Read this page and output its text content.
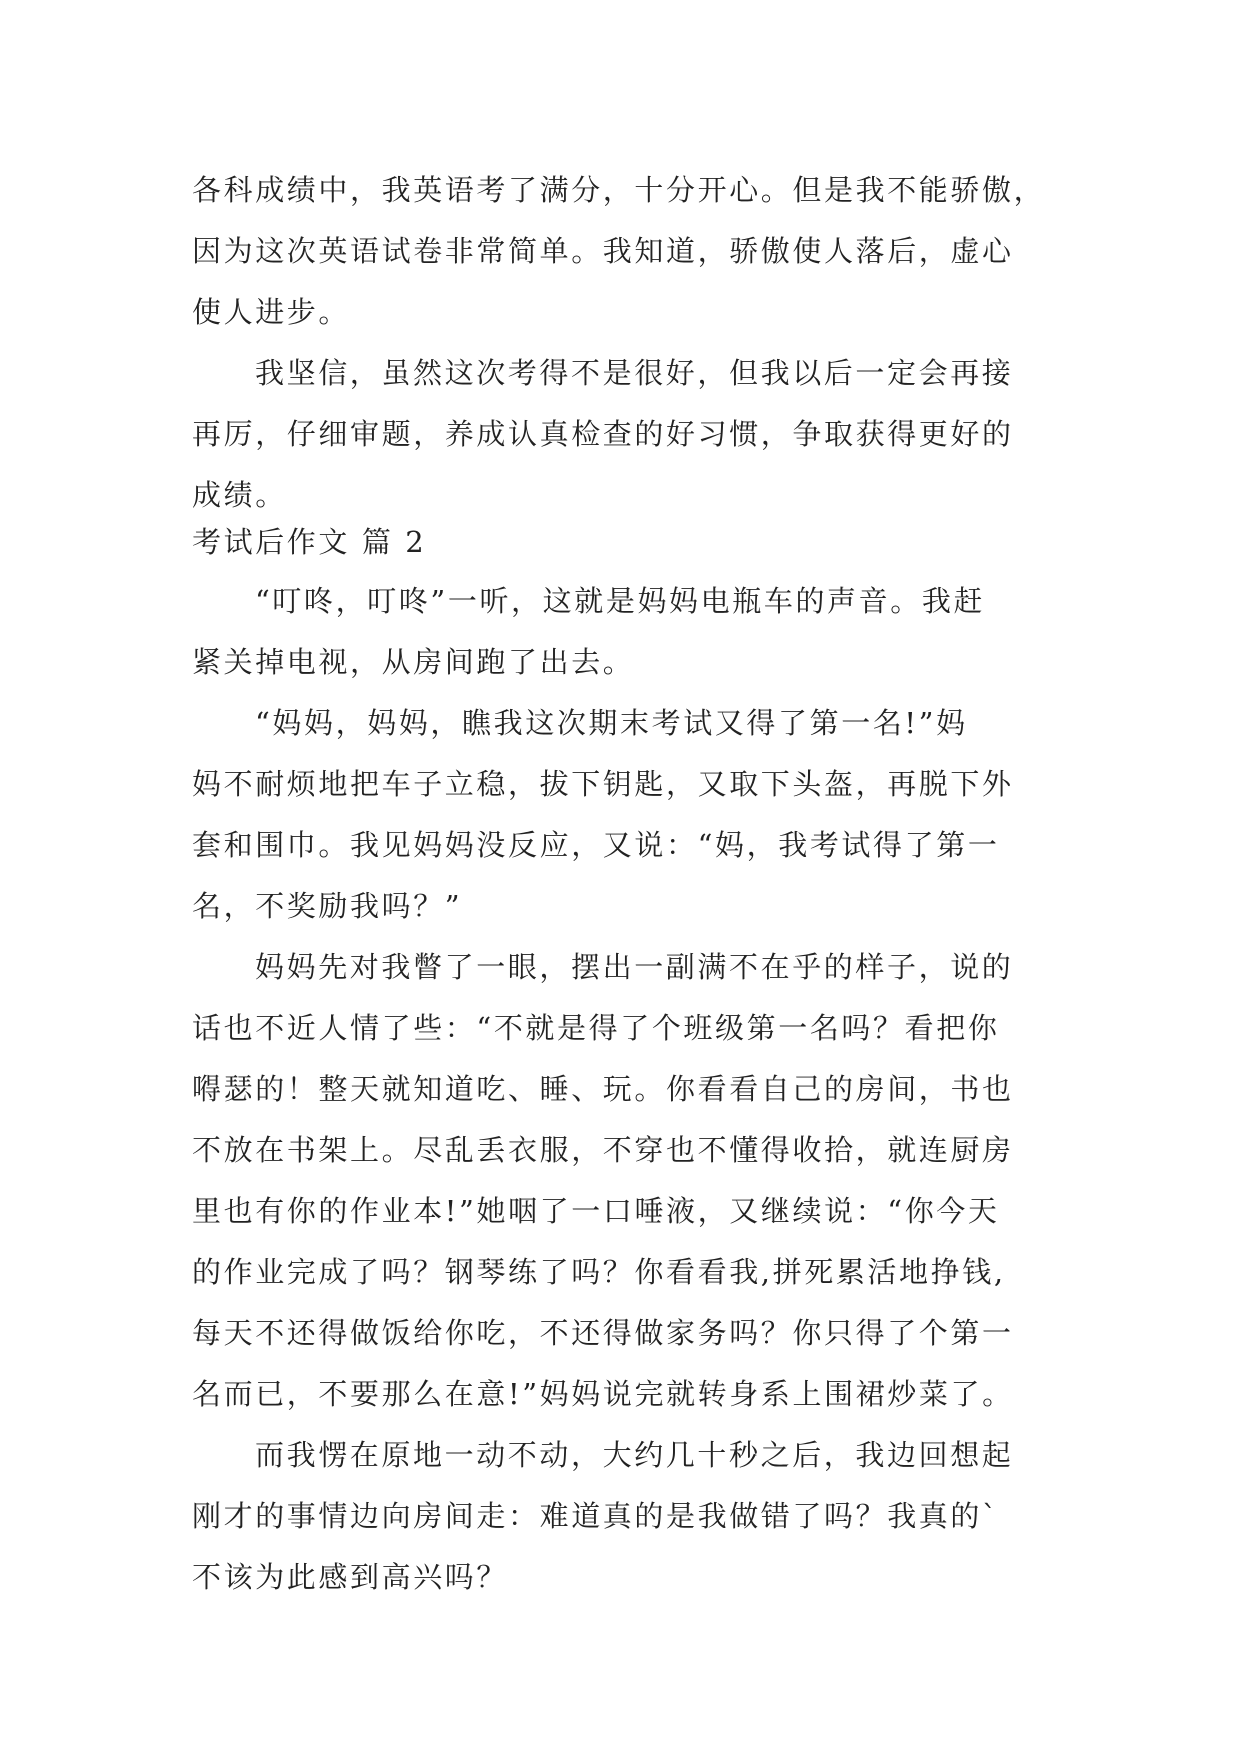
各科成绩中，我英语考了满分，十分开心。但是我不能骄傲，
因为这次英语试卷非常简单。我知道，骄傲使人落后，虚心
使人进步。
我坚信，虽然这次考得不是很好，但我以后一定会再接
再厉，仔细审题，养成认真检查的好习惯，争取获得更好的
成绩。
考试后作文 篇 2
“叮咚，叮咚”一听，这就是妈妈电瓶车的声音。我赶
紧关掉电视，从房间跑了出去。
“妈妈，妈妈，瞧我这次期末考试又得了第一名!”妈
妈不耐烦地把车子立稳，拔下钥匙，又取下头盔，再脱下外
套和围巾。我见妈妈没反应，又说：“妈，我考试得了第一
名，不奖励我吗？”
妈妈先对我瞥了一眼，摆出一副满不在乎的样子，说的
话也不近人情了些：“不就是得了个班级第一名吗？看把你
嘚瑟的！整天就知道吃、睡、玩。你看看自己的房间，书也
不放在书架上。尽乱丢衣服，不穿也不懂得收拾，就连厨房
里也有你的作业本!”她咽了一口唾液，又继续说：“你今天
的作业完成了吗？钢琴练了吗？你看看我,拼死累活地挣钱,
每天不还得做饭给你吃，不还得做家务吗？你只得了个第一
名而已，不要那么在意!”妈妈说完就转身系上围裙炒菜了。
而我愣在原地一动不动，大约几十秒之后，我边回想起
刚才的事情边向房间走：难道真的是我做错了吗？我真的`
不该为此感到高兴吗？
